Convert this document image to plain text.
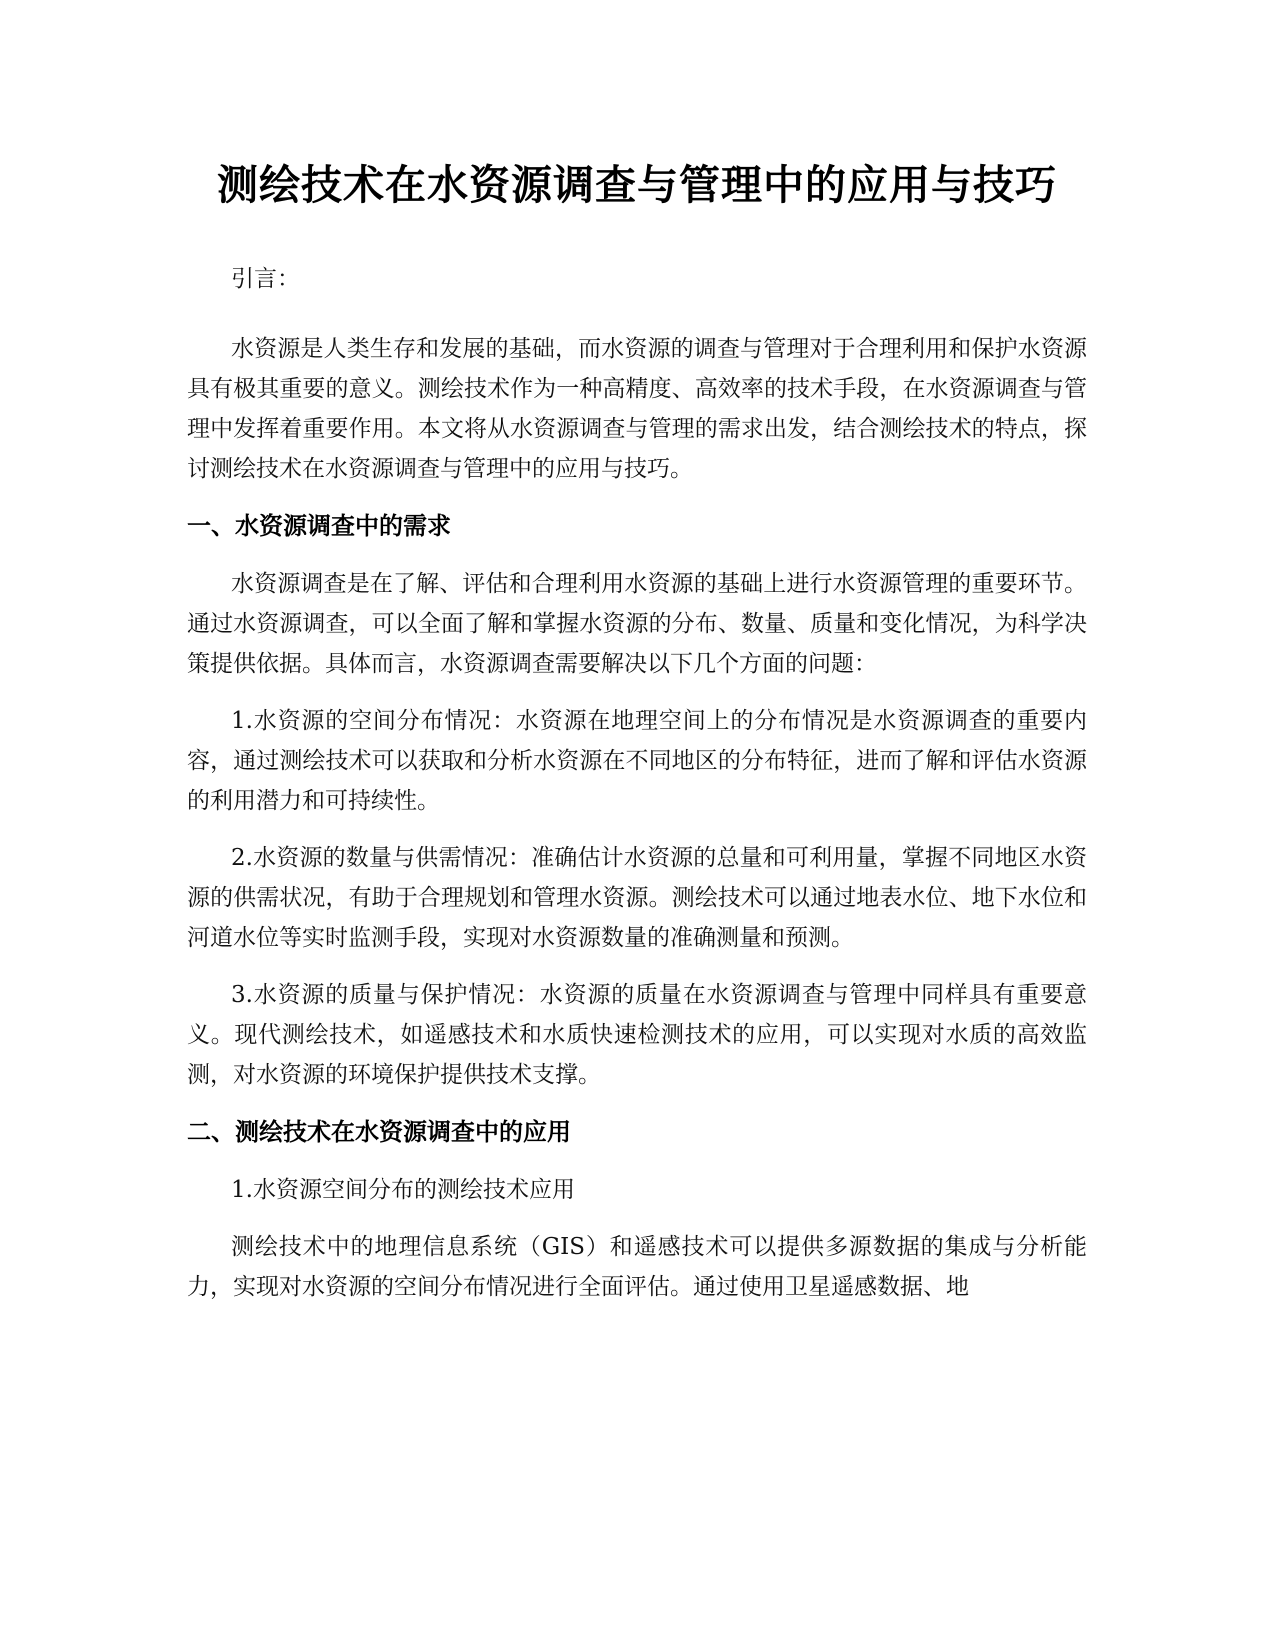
测绘技术在水资源调查与管理中的应用与技巧

引言：

水资源是人类生存和发展的基础，而水资源的调查与管理对于合理利用和保护水资源具有极其重要的意义。测绘技术作为一种高精度、高效率的技术手段，在水资源调查与管理中发挥着重要作用。本文将从水资源调查与管理的需求出发，结合测绘技术的特点，探讨测绘技术在水资源调查与管理中的应用与技巧。

一、水资源调查中的需求

水资源调查是在了解、评估和合理利用水资源的基础上进行水资源管理的重要环节。通过水资源调查，可以全面了解和掌握水资源的分布、数量、质量和变化情况，为科学决策提供依据。具体而言，水资源调查需要解决以下几个方面的问题：

1.水资源的空间分布情况：水资源在地理空间上的分布情况是水资源调查的重要内容，通过测绘技术可以获取和分析水资源在不同地区的分布特征，进而了解和评估水资源的利用潜力和可持续性。

2.水资源的数量与供需情况：准确估计水资源的总量和可利用量，掌握不同地区水资源的供需状况，有助于合理规划和管理水资源。测绘技术可以通过地表水位、地下水位和河道水位等实时监测手段，实现对水资源数量的准确测量和预测。

3.水资源的质量与保护情况：水资源的质量在水资源调查与管理中同样具有重要意义。现代测绘技术，如遥感技术和水质快速检测技术的应用，可以实现对水质的高效监测，对水资源的环境保护提供技术支撑。

二、测绘技术在水资源调查中的应用

1.水资源空间分布的测绘技术应用

测绘技术中的地理信息系统（GIS）和遥感技术可以提供多源数据的集成与分析能力，实现对水资源的空间分布情况进行全面评估。通过使用卫星遥感数据、地
